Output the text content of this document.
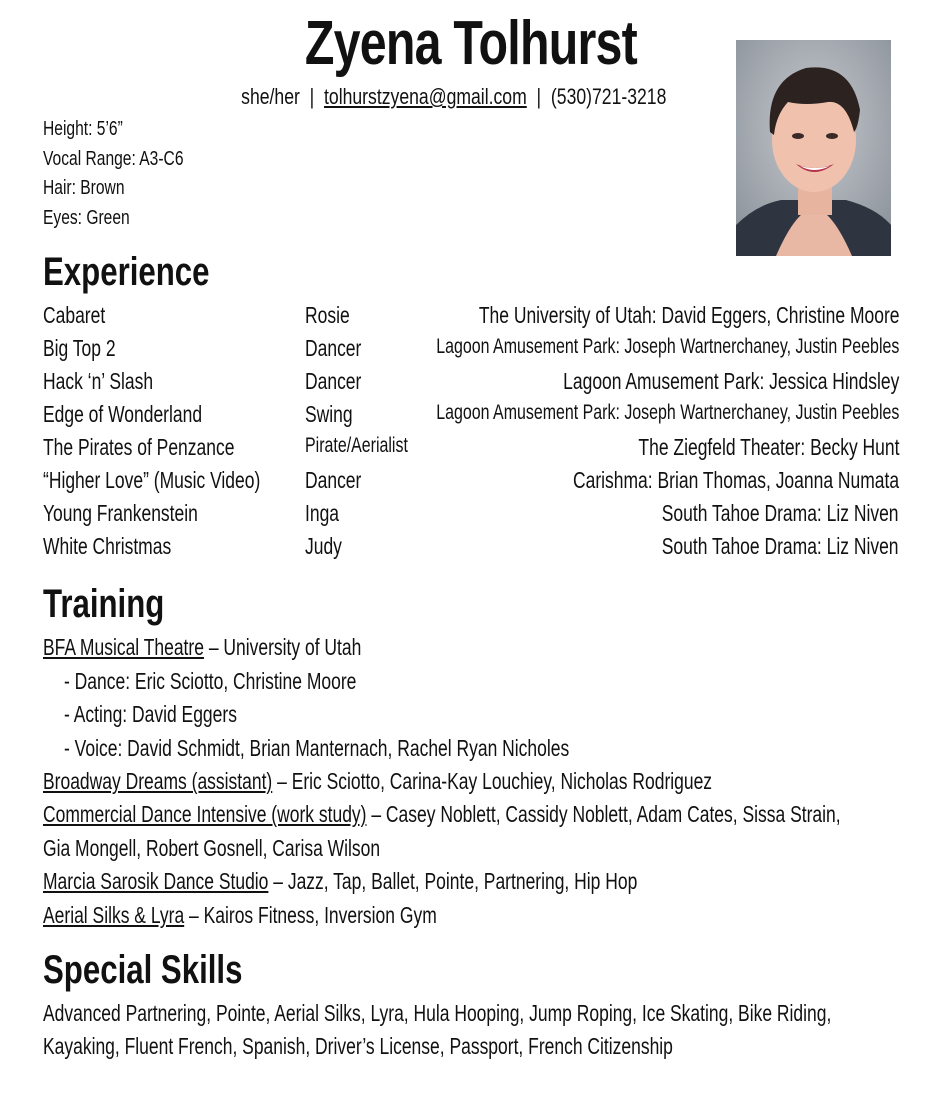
Zyena Tolhurst
she/her | tolhurstzyena@gmail.com | (530)721-3218
Height: 5’6”
Vocal Range: A3-C6
Hair: Brown
Eyes: Green
Experience
Cabaret	Rosie	The University of Utah: David Eggers, Christine Moore
Big Top 2	Dancer	Lagoon Amusement Park: Joseph Wartnerchaney, Justin Peebles
Hack ‘n’ Slash	Dancer	Lagoon Amusement Park: Jessica Hindsley
Edge of Wonderland	Swing	Lagoon Amusement Park: Joseph Wartnerchaney, Justin Peebles
The Pirates of Penzance	Pirate/Aerialist	The Ziegfeld Theater: Becky Hunt
“Higher Love” (Music Video) Dancer	Carishma: Brian Thomas, Joanna Numata
Young Frankenstein	Inga	South Tahoe Drama: Liz Niven
White Christmas	Judy	South Tahoe Drama: Liz Niven
Training
BFA Musical Theatre – University of Utah
- Dance: Eric Sciotto, Christine Moore
- Acting: David Eggers
- Voice: David Schmidt, Brian Manternach, Rachel Ryan Nicholes
Broadway Dreams (assistant) – Eric Sciotto, Carina-Kay Louchiey, Nicholas Rodriguez
Commercial Dance Intensive (work study) – Casey Noblett, Cassidy Noblett, Adam Cates, Sissa Strain,
Gia Mongell, Robert Gosnell, Carisa Wilson
Marcia Sarosik Dance Studio – Jazz, Tap, Ballet, Pointe, Partnering, Hip Hop
Aerial Silks & Lyra – Kairos Fitness, Inversion Gym
Special Skills
Advanced Partnering, Pointe, Aerial Silks, Lyra, Hula Hooping, Jump Roping, Ice Skating, Bike Riding,
Kayaking, Fluent French, Spanish, Driver’s License, Passport, French Citizenship
